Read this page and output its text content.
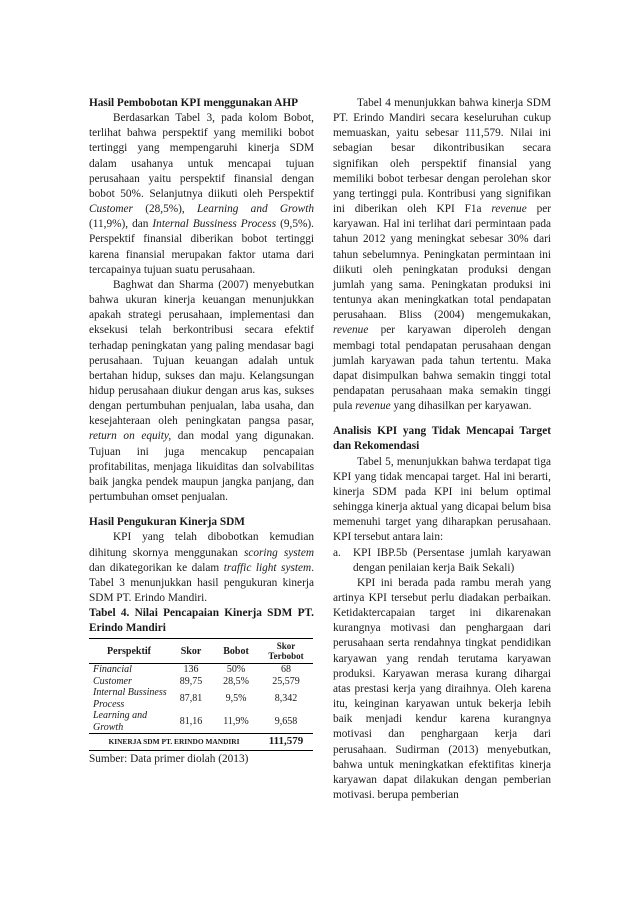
Hasil Pembobotan KPI menggunakan AHP

Berdasarkan Tabel 3, pada kolom Bobot, terlihat bahwa perspektif yang memiliki bobot tertinggi yang mempengaruhi kinerja SDM dalam usahanya untuk mencapai tujuan perusahaan yaitu perspektif finansial dengan bobot 50%. Selanjutnya diikuti oleh Perspektif Customer (28,5%), Learning and Growth (11,9%), dan Internal Bussiness Process (9,5%). Perspektif finansial diberikan bobot tertinggi karena finansial merupakan faktor utama dari tercapainya tujuan suatu perusahaan.

Baghwat dan Sharma (2007) menyebutkan bahwa ukuran kinerja keuangan menunjukkan apakah strategi perusahaan, implementasi dan eksekusi telah berkontribusi secara efektif terhadap peningkatan yang paling mendasar bagi perusahaan. Tujuan keuangan adalah untuk bertahan hidup, sukses dan maju. Kelangsungan hidup perusahaan diukur dengan arus kas, sukses dengan pertumbuhan penjualan, laba usaha, dan kesejahteraan oleh peningkatan pangsa pasar, return on equity, dan modal yang digunakan. Tujuan ini juga mencakup pencapaian profitabilitas, menjaga likuiditas dan solvabilitas baik jangka pendek maupun jangka panjang, dan pertumbuhan omset penjualan.

Hasil Pengukuran Kinerja SDM

KPI yang telah dibobotkan kemudian dihitung skornya menggunakan scoring system dan dikategorikan ke dalam traffic light system. Tabel 3 menunjukkan hasil pengukuran kinerja SDM PT. Erindo Mandiri.

Tabel 4. Nilai Pencapaian Kinerja SDM PT. Erindo Mandiri

Perspektif	Skor	Bobot	Skor Terbobot
Financial	136	50%	68
Customer	89,75	28,5%	25,579
Internal Bussiness Process	87,81	9,5%	8,342
Learning and Growth	81,16	11,9%	9,658
KINERJA SDM PT. ERINDO MANDIRI			111,579

Sumber: Data primer diolah (2013)

Tabel 4 menunjukkan bahwa kinerja SDM PT. Erindo Mandiri secara keseluruhan cukup memuaskan, yaitu sebesar 111,579. Nilai ini sebagian besar dikontribusikan secara signifikan oleh perspektif finansial yang memiliki bobot terbesar dengan perolehan skor yang tertinggi pula. Kontribusi yang signifikan ini diberikan oleh KPI F1a revenue per karyawan. Hal ini terlihat dari permintaan pada tahun 2012 yang meningkat sebesar 30% dari tahun sebelumnya. Peningkatan permintaan ini diikuti oleh peningkatan produksi dengan jumlah yang sama. Peningkatan produksi ini tentunya akan meningkatkan total pendapatan perusahaan. Bliss (2004) mengemukakan, revenue per karyawan diperoleh dengan membagi total pendapatan perusahaan dengan jumlah karyawan pada tahun tertentu. Maka dapat disimpulkan bahwa semakin tinggi total pendapatan perusahaan maka semakin tinggi pula revenue yang dihasilkan per karyawan.

Analisis KPI yang Tidak Mencapai Target dan Rekomendasi

Tabel 5, menunjukkan bahwa terdapat tiga KPI yang tidak mencapai target. Hal ini berarti, kinerja SDM pada KPI ini belum optimal sehingga kinerja aktual yang dicapai belum bisa memenuhi target yang diharapkan perusahaan. KPI tersebut antara lain:

a.	KPI IBP.5b (Persentase jumlah karyawan dengan penilaian kerja Baik Sekali)

KPI ini berada pada rambu merah yang artinya KPI tersebut perlu diadakan perbaikan. Ketidaktercapaian target ini dikarenakan kurangnya motivasi dan penghargaan dari perusahaan serta rendahnya tingkat pendidikan karyawan yang rendah terutama karyawan produksi. Karyawan merasa kurang dihargai atas prestasi kerja yang diraihnya. Oleh karena itu, keinginan karyawan untuk bekerja lebih baik menjadi kendur karena kurangnya motivasi dan penghargaan kerja dari perusahaan. Sudirman (2013) menyebutkan, bahwa untuk meningkatkan efektifitas kinerja karyawan dapat dilakukan dengan pemberian motivasi. berupa pemberian
